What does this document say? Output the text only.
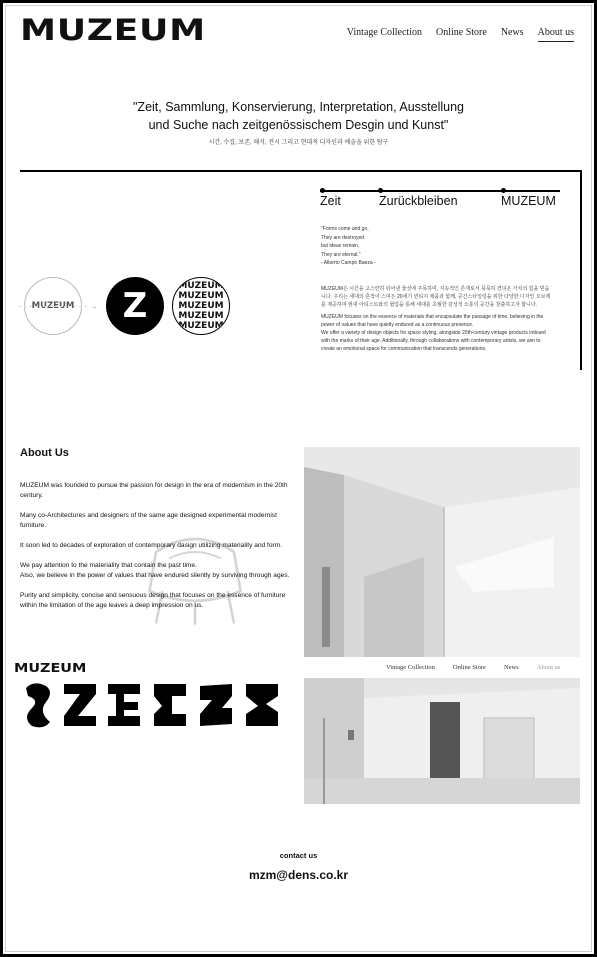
MUZEUM	Vintage Collection Online Store News About us
"Zeit, Sammlung, Konservierung, Interpretation, Ausstellung
und Suche nach zeitgenössischem Desgin und Kunst"
시간, 수집, 보존, 해석, 전시 그리고 현대적 디자인과 예술을 위한 탐구
MUZEUM → Z	MUZEUM
MUZEUM
MUZEUM
MUZEUM
MUZEUM
Zeit	Zurückbleiben	MUZEUM
"Forms come and go,
They are destroyed
but ideas remain,
They are eternal."
- Alberto Campo Baeza -

MUZEUM은 시간을 고스란히 뒤어낸 물성에 주목하며, 지속적인 존재로서 묵묵히 견뎌온 가치의 힘을 믿습니다. 우리는 세대의 흔적이 스며든 20세기 빈티지 제품과 함께, 공간스타일링을 위한 다양한 디자인 오브제를 제공하며 현대 아티스트와의 협업을 통해 세대를 초월한 감성적 소통의 공간을 창출하고자 합니다.

MUZEUM focuses on the essence of materials that encapsulate the passage of time, believing in the power of values that have quietly endured as a continuous presence.

We offer a variety of design objects for space styling, alongside 20th-century vintage products imbued with the marks of their age. Additionally, through collaborations with contemporary artists, we aim to create an emotional space for communication that transcends generations.

About Us

MUZEUM was founded to pursue the passion for design in the era of modernism in the 20th century.

Many co-Architectures and designers of the same age designed experimental modernist furniture.

It soon led to decades of exploration of contemporary dasign utilizing materiality and form.

We pay attention to the materiality that contain the past time.
Also, we believe in the power of values that have endured silently by surviving through ages.

Purity and simplicity, concise and sensuous design that focuses on the essence of furniture
within the limitation of the age leaves a deep impression on us.

MUZEUM	Vintage Collection	Online Store	News	About us
contact us
mzm@dens.co.kr
